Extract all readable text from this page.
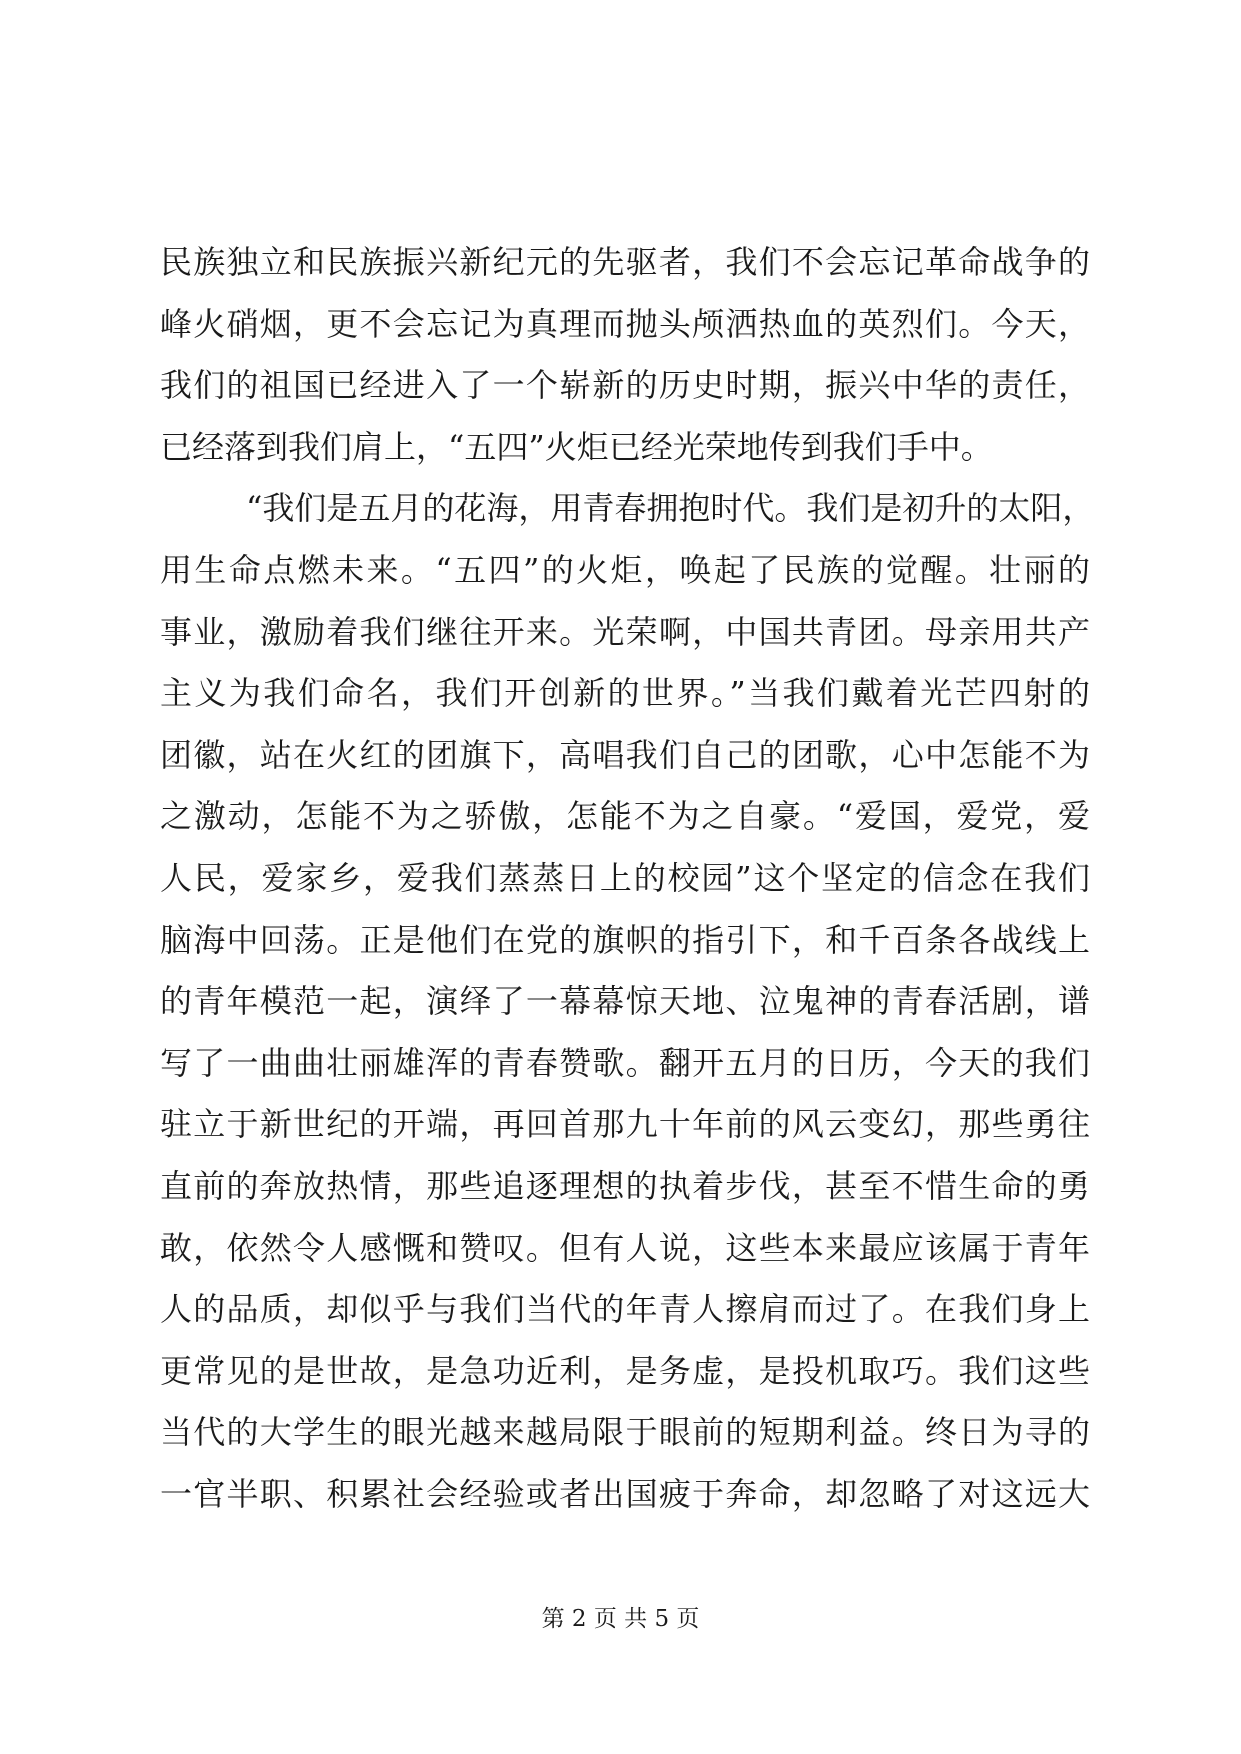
民族独立和民族振兴新纪元的先驱者，我们不会忘记革命战争的
峰火硝烟，更不会忘记为真理而抛头颅洒热血的英烈们。今天，
我们的祖国已经进入了一个崭新的历史时期，振兴中华的责任，
已经落到我们肩上，“五四”火炬已经光荣地传到我们手中。
“我们是五月的花海，用青春拥抱时代。我们是初升的太阳，
用生命点燃未来。“五四”的火炬，唤起了民族的觉醒。壮丽的
事业，激励着我们继往开来。光荣啊，中国共青团。母亲用共产
主义为我们命名，我们开创新的世界。”当我们戴着光芒四射的
团徽，站在火红的团旗下，高唱我们自己的团歌，心中怎能不为
之激动，怎能不为之骄傲，怎能不为之自豪。“爱国，爱党，爱
人民，爱家乡，爱我们蒸蒸日上的校园”这个坚定的信念在我们
脑海中回荡。正是他们在党的旗帜的指引下，和千百条各战线上
的青年模范一起，演绎了一幕幕惊天地、泣鬼神的青春活剧，谱
写了一曲曲壮丽雄浑的青春赞歌。翻开五月的日历，今天的我们
驻立于新世纪的开端，再回首那九十年前的风云变幻，那些勇往
直前的奔放热情，那些追逐理想的执着步伐，甚至不惜生命的勇
敢，依然令人感慨和赞叹。但有人说，这些本来最应该属于青年
人的品质，却似乎与我们当代的年青人擦肩而过了。在我们身上
更常见的是世故，是急功近利，是务虚，是投机取巧。我们这些
当代的大学生的眼光越来越局限于眼前的短期利益。终日为寻的
一官半职、积累社会经验或者出国疲于奔命，却忽略了对这远大
第 2 页 共 5 页
